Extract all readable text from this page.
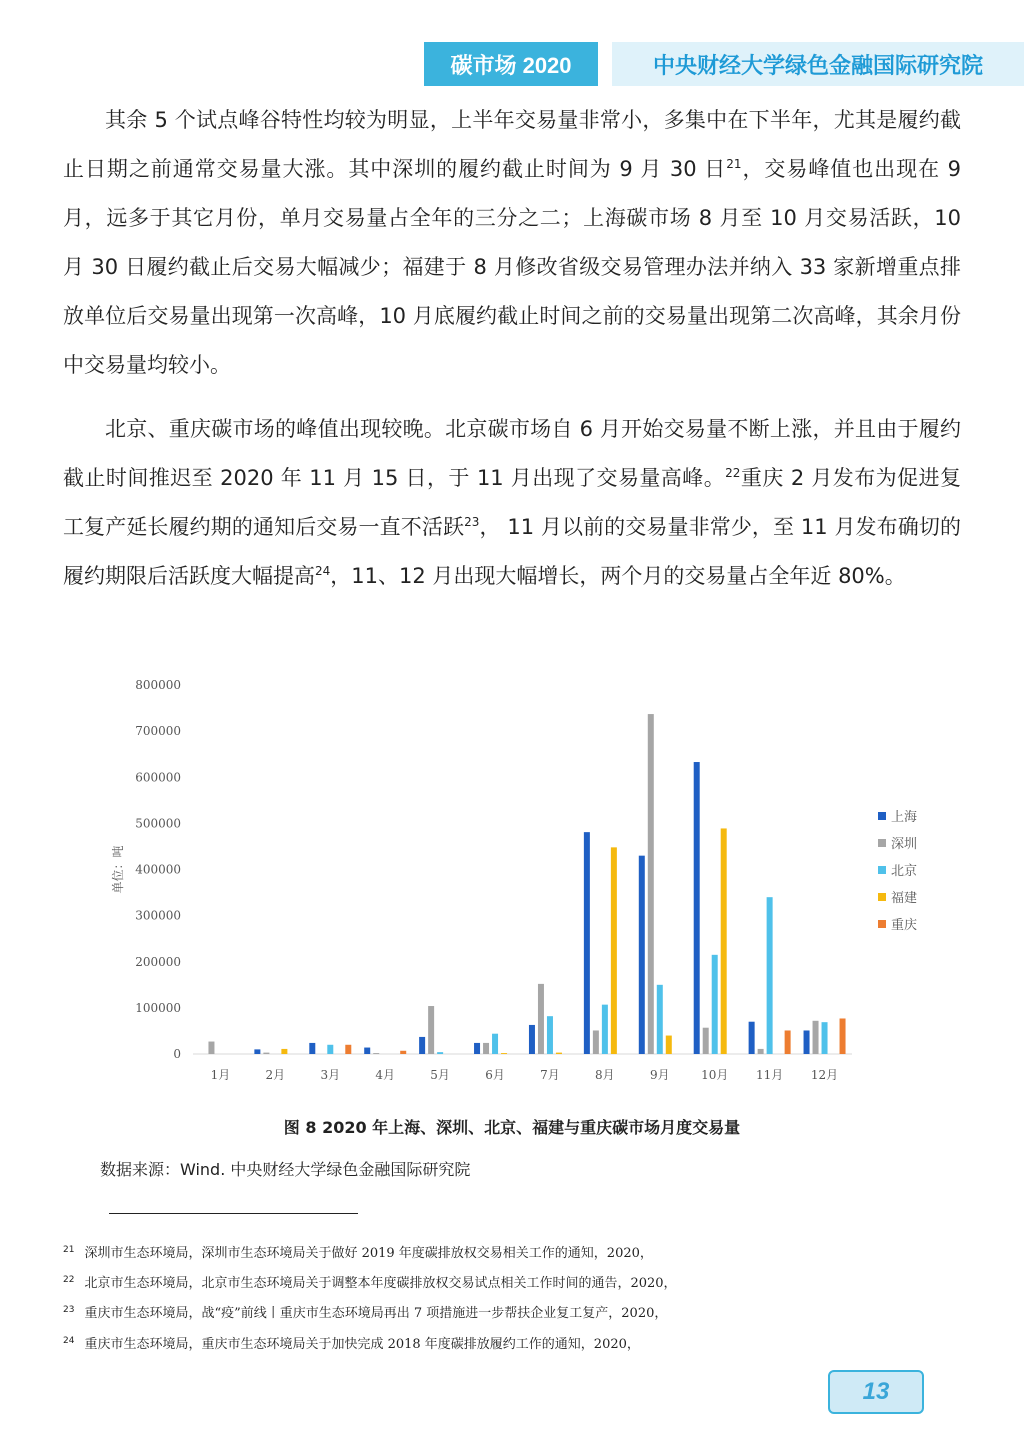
碳市场 2020	中央财经大学绿色金融国际研究院

其余 5 个试点峰谷特性均较为明显，上半年交易量非常小，多集中在下半年，尤其是履约截止日期之前通常交易量大涨。其中深圳的履约截止时间为 9 月 30 日$^{21}$，交易峰值也出现在 9 月，远多于其它月份，单月交易量占全年的三分之二；上海碳市场 8 月至 10 月交易活跃，10 月 30 日履约截止后交易大幅减少；福建于 8 月修改省级交易管理办法并纳入 33 家新增重点排放单位后交易量出现第一次高峰，10 月底履约截止时间之前的交易量出现第二次高峰，其余月份中交易量均较小。

北京、重庆碳市场的峰值出现较晚。北京碳市场自 6 月开始交易量不断上涨，并且由于履约截止时间推迟至 2020 年 11 月 15 日，于 11 月出现了交易量高峰。$^{22}$重庆 2 月发布为促进复工复产延长履约期的通知后交易一直不活跃$^{23}$， 11 月以前的交易量非常少，至 11 月发布确切的履约期限后活跃度大幅提高$^{24}$，11、12 月出现大幅增长，两个月的交易量占全年近 80%。

0
100000
200000
300000
400000
500000
600000
700000
800000
单位：吨
1月	2月	3月	4月	5月	6月	7月	8月	9月	10月 11月 12月
上海
深圳
北京
福建
重庆
图 8 2020 年上海、深圳、北京、福建与重庆碳市场月度交易量
数据来源：Wind. 中央财经大学绿色金融国际研究院
$^{21}$ 深圳市生态环境局，深圳市生态环境局关于做好 2019 年度碳排放权交易相关工作的通知，2020，
$^{22}$ 北京市生态环境局，北京市生态环境局关于调整本年度碳排放权交易试点相关工作时间的通告，2020，
$^{23}$ 重庆市生态环境局，战“疫”前线丨重庆市生态环境局再出 7 项措施进一步帮扶企业复工复产，2020，
$^{24}$ 重庆市生态环境局，重庆市生态环境局关于加快完成 2018 年度碳排放履约工作的通知，2020，
13
